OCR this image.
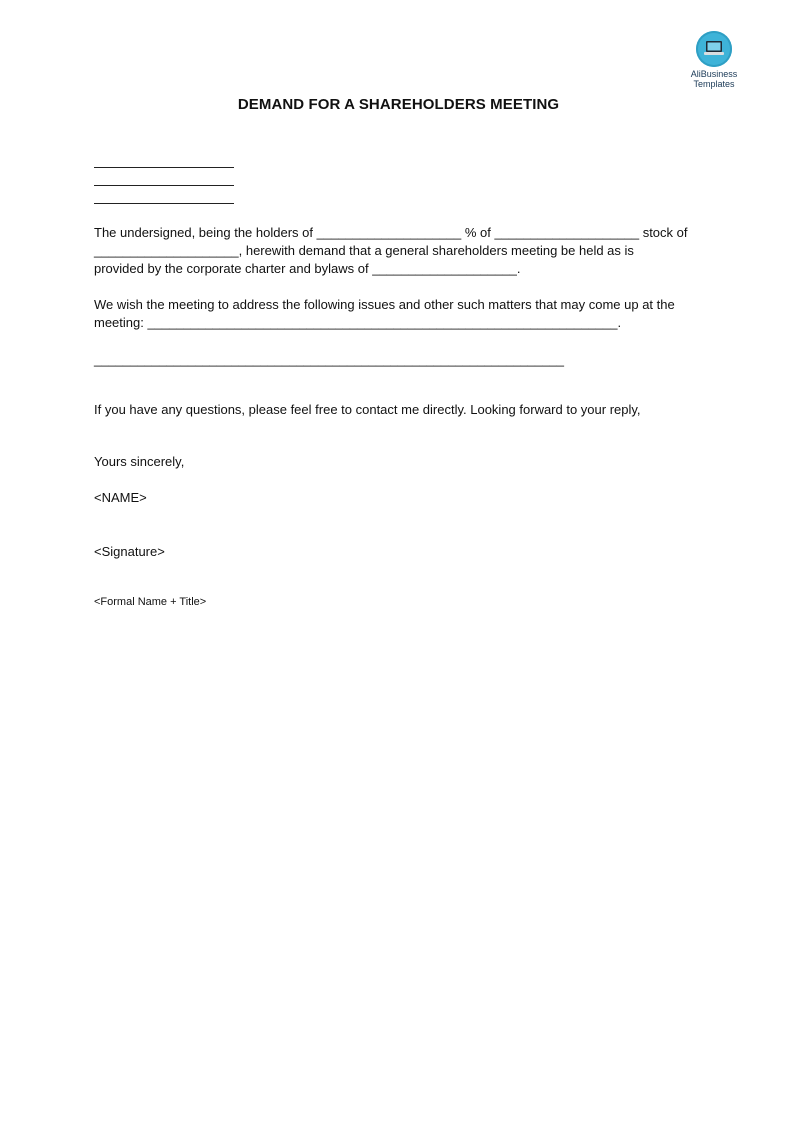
AliBusiness
Templates
DEMAND FOR A SHAREHOLDERS MEETING
The undersigned, being the holders of ____________________ % of ____________________ stock of
____________________, herewith demand that a general shareholders meeting be held as is
provided by the corporate charter and bylaws of ____________________.
We wish the meeting to address the following issues and other such matters that may come up at the
meeting: _________________________________________________________________.
_________________________________________________________________
If you have any questions, please feel free to contact me directly. Looking forward to your reply,
Yours sincerely,
<NAME>
<Signature>
<Formal Name + Title>
